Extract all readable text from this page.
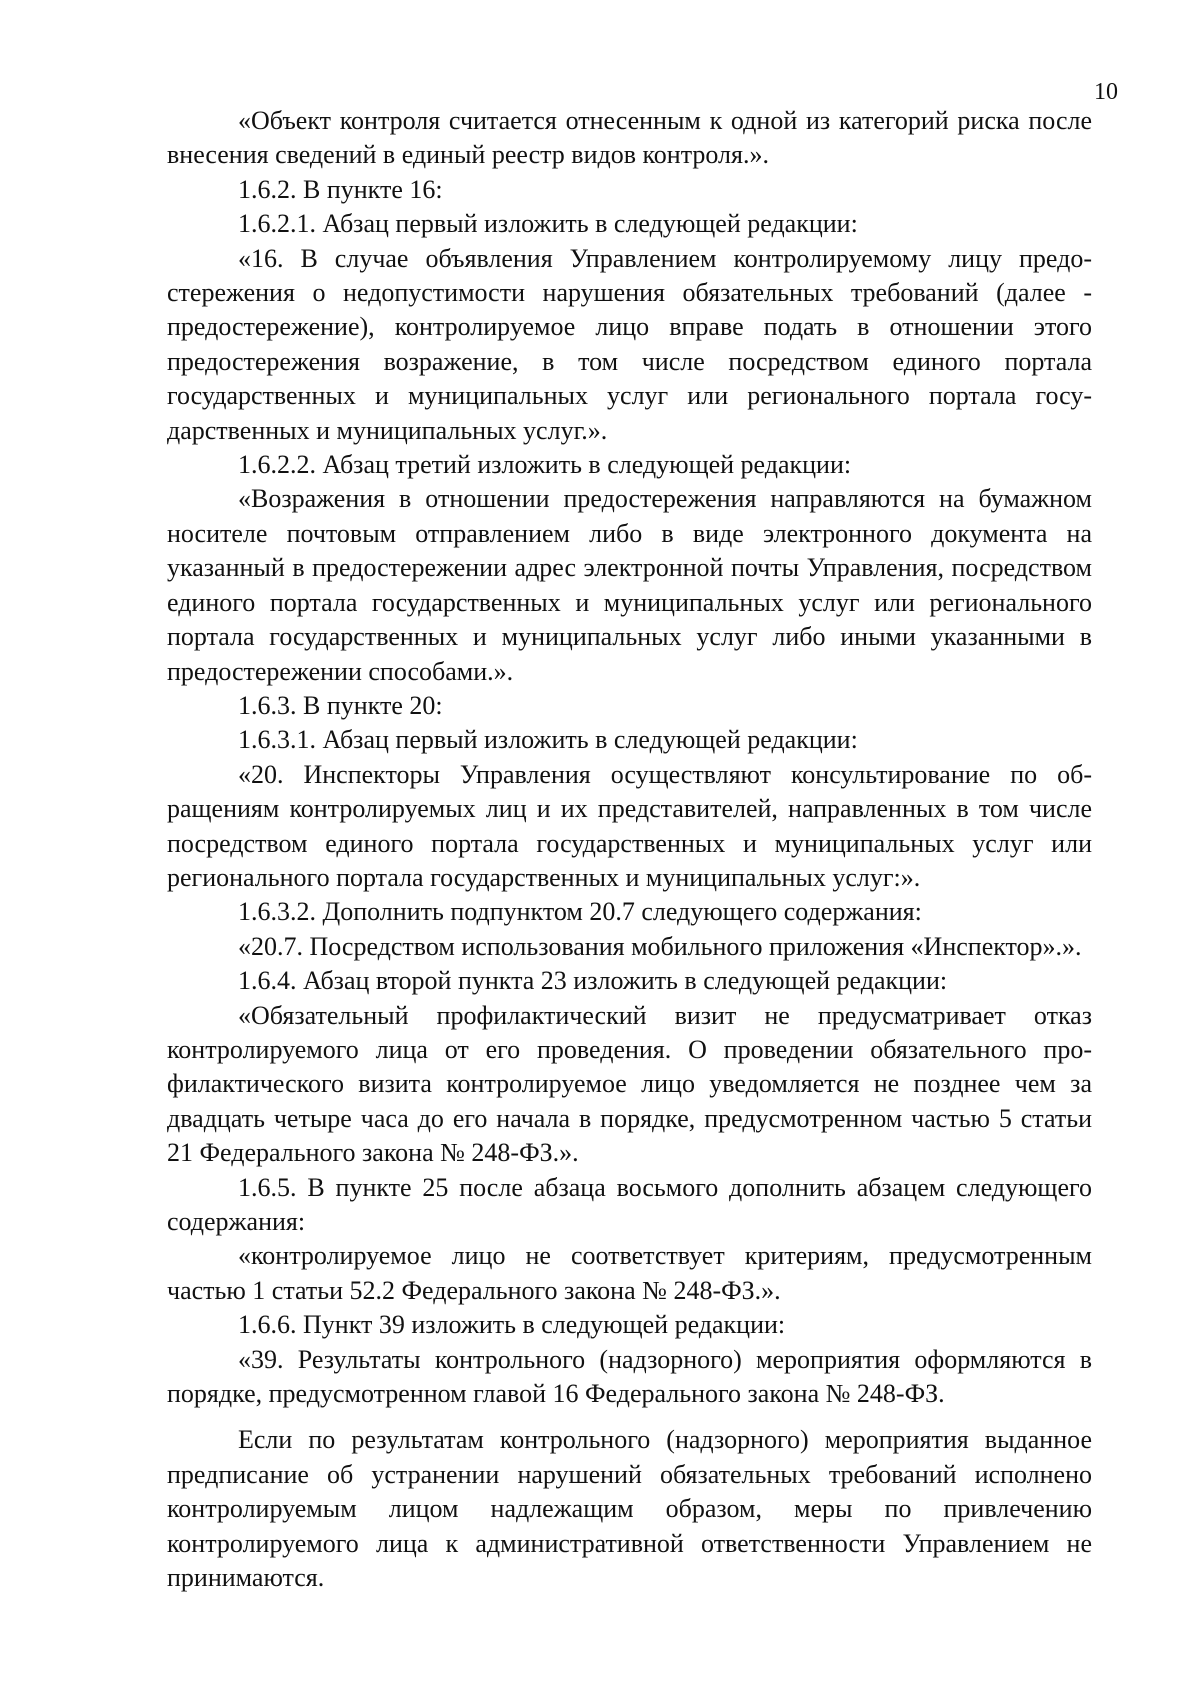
10

«Объект контроля считается отнесенным к одной из категорий риска после внесения сведений в единый реестр видов контроля.».

1.6.2. В пункте 16:

1.6.2.1. Абзац первый изложить в следующей редакции:

«16. В случае объявления Управлением контролируемому лицу предостережения о недопустимости нарушения обязательных требований (далее - предостережение), контролируемое лицо вправе подать в отношении этого предостережения возражение, в том числе посредством единого портала государственных и муниципальных услуг или регионального портала государственных и муниципальных услуг.».

1.6.2.2. Абзац третий изложить в следующей редакции:

«Возражения в отношении предостережения направляются на бумажном носителе почтовым отправлением либо в виде электронного документа на указанный в предостережении адрес электронной почты Управления, посредством единого портала государственных и муниципальных услуг или регионального портала государственных и муниципальных услуг либо иными указанными в предостережении способами.».

1.6.3. В пункте 20:

1.6.3.1. Абзац первый изложить в следующей редакции:

«20. Инспекторы Управления осуществляют консультирование по обращениям контролируемых лиц и их представителей, направленных в том числе посредством единого портала государственных и муниципальных услуг или регионального портала государственных и муниципальных услуг:».

1.6.3.2. Дополнить подпунктом 20.7 следующего содержания:

«20.7. Посредством использования мобильного приложения «Инспектор».».

1.6.4. Абзац второй пункта 23 изложить в следующей редакции:

«Обязательный профилактический визит не предусматривает отказ контролируемого лица от его проведения. О проведении обязательного профилактического визита контролируемое лицо уведомляется не позднее чем за двадцать четыре часа до его начала в порядке, предусмотренном частью 5 статьи 21 Федерального закона № 248-ФЗ.».

1.6.5. В пункте 25 после абзаца восьмого дополнить абзацем следующего содержания:

«контролируемое лицо не соответствует критериям, предусмотренным частью 1 статьи 52.2 Федерального закона № 248-ФЗ.».

1.6.6. Пункт 39 изложить в следующей редакции:

«39. Результаты контрольного (надзорного) мероприятия оформляются в порядке, предусмотренном главой 16 Федерального закона № 248-ФЗ.

Если по результатам контрольного (надзорного) мероприятия выданное предписание об устранении нарушений обязательных требований исполнено контролируемым лицом надлежащим образом, меры по привлечению контролируемого лица к административной ответственности Управлением не принимаются.
